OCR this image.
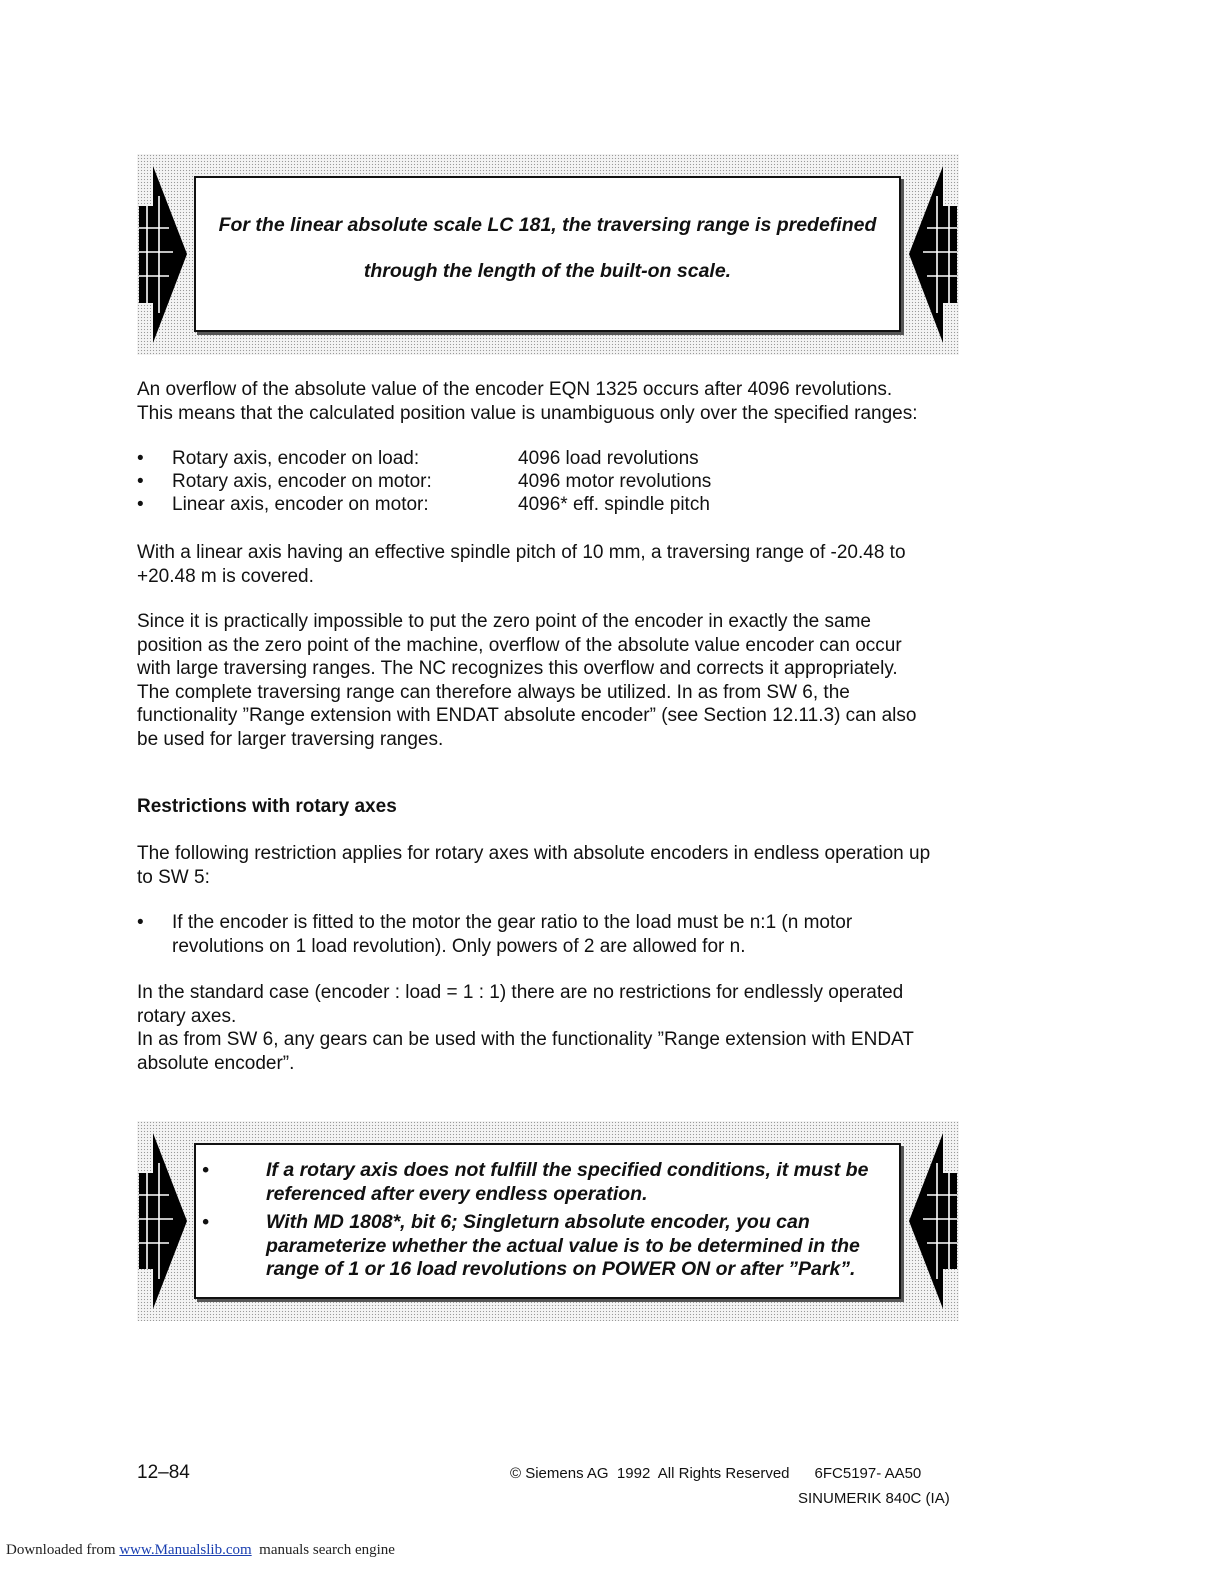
For the linear absolute scale LC 181, the traversing range is predefined
through the length of the built-on scale.
An overflow of the absolute value of the encoder EQN 1325 occurs after 4096 revolutions.
This means that the calculated position value is unambiguous only over the specified ranges:
• Rotary axis, encoder on load:	4096 load revolutions
• Rotary axis, encoder on motor:	4096 motor revolutions
• Linear axis, encoder on motor:	4096* eff. spindle pitch
With a linear axis having an effective spindle pitch of 10 mm, a traversing range of -20.48 to
+20.48 m is covered.
Since it is practically impossible to put the zero point of the encoder in exactly the same
position as the zero point of the machine, overflow of the absolute value encoder can occur
with large traversing ranges. The NC recognizes this overflow and corrects it appropriately.
The complete traversing range can therefore always be utilized. In as from SW 6, the
functionality ”Range extension with ENDAT absolute encoder” (see Section 12.11.3) can also
be used for larger traversing ranges.
Restrictions with rotary axes
The following restriction applies for rotary axes with absolute encoders in endless operation up
to SW 5:
• If the encoder is fitted to the motor the gear ratio to the load must be n:1 (n motor
revolutions on 1 load revolution). Only powers of 2 are allowed for n.
In the standard case (encoder : load = 1 : 1) there are no restrictions for endlessly operated
rotary axes.
In as from SW 6, any gears can be used with the functionality ”Range extension with ENDAT
absolute encoder”.
•	If a rotary axis does not fulfill the specified conditions, it must be
referenced after every endless operation.
•	With MD 1808*, bit 6; Singleturn absolute encoder, you can
parameterize whether the actual value is to be determined in the
range of 1 or 16 load revolutions on POWER ON or after ”Park”.
12–84	© Siemens AG  1992  All Rights Reserved      6FC5197- AA50
SINUMERIK 840C (IA)
Downloaded from www.Manualslib.com  manuals search engine
